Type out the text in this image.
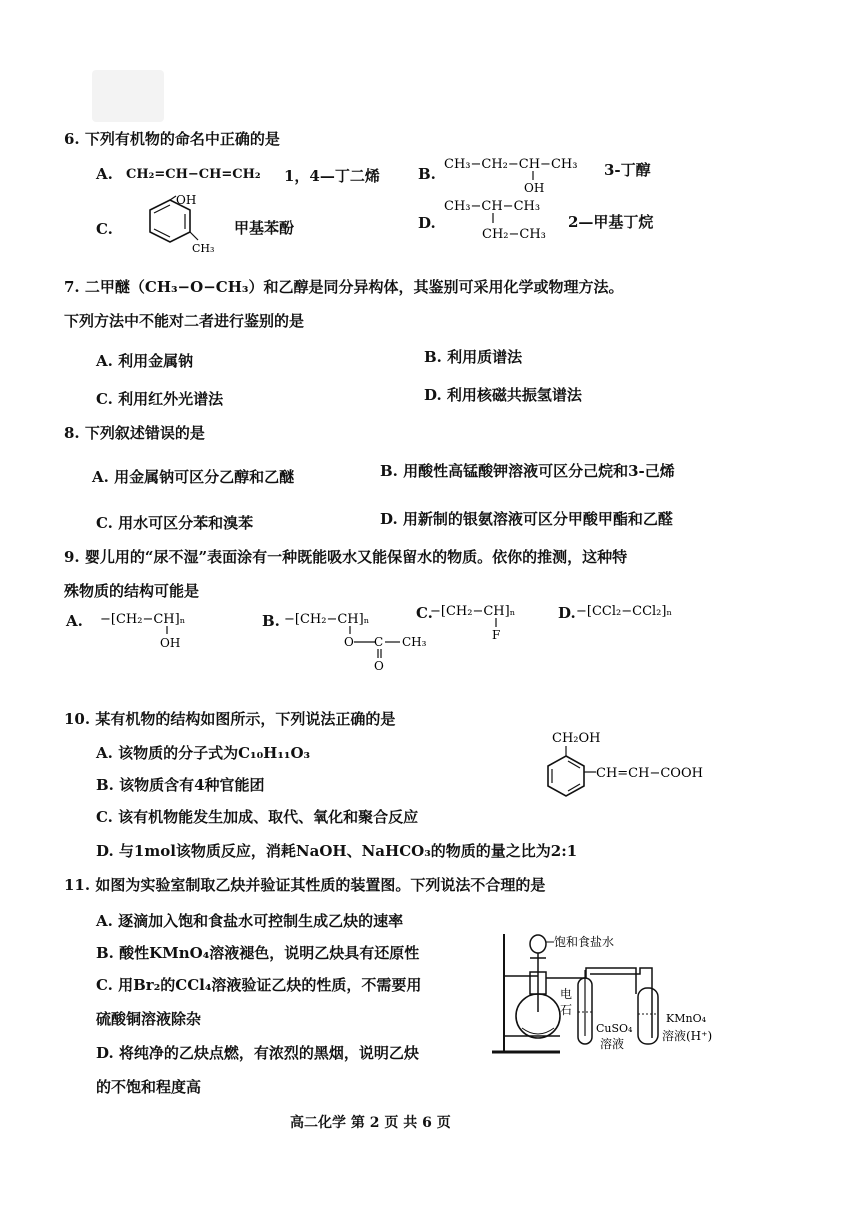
6. 下列有机物的命名中正确的是
A. CH₂=CH−CH=CH₂ 1，4—丁二烯	B.
CH₃−CH₂−CH−CH₃
OH
3-丁醇
C.
OH
CH₃
甲基苯酚	D.
CH₃−CH−CH₃
CH₂−CH₃
2—甲基丁烷
7. 二甲醚（CH₃−O−CH₃）和乙醇是同分异构体，其鉴别可采用化学或物理方法。
下列方法中不能对二者进行鉴别的是
A. 利用金属钠	B. 利用质谱法
C. 利用红外光谱法	D. 利用核磁共振氢谱法
8. 下列叙述错误的是
A. 用金属钠可区分乙醇和乙醚	B. 用酸性高锰酸钾溶液可区分己烷和3-己烯
C. 用水可区分苯和溴苯	D. 用新制的银氨溶液可区分甲酸甲酯和乙醛
9. 婴儿用的“尿不湿”表面涂有一种既能吸水又能保留水的物质。依你的推测，这种特
殊物质的结构可能是
A. −[CH₂−CH]ₙ
OH
B. −[CH₂−CH]ₙ
O C CH₃
O
C.
−[CH₂−CH]ₙ
F
D. −[CCl₂−CCl₂]ₙ
10. 某有机物的结构如图所示，下列说法正确的是
A. 该物质的分子式为C₁₀H₁₁O₃
B. 该物质含有4种官能团
C. 该有机物能发生加成、取代、氧化和聚合反应
D. 与1mol该物质反应，消耗NaOH、NaHCO₃的物质的量之比为2:1
CH₂OH
CH=CH−COOH
11. 如图为实验室制取乙炔并验证其性质的装置图。下列说法不合理的是
A. 逐滴加入饱和食盐水可控制生成乙炔的速率
B. 酸性KMnO₄溶液褪色，说明乙炔具有还原性
C. 用Br₂的CCl₄溶液验证乙炔的性质，不需要用
硫酸铜溶液除杂
D. 将纯净的乙炔点燃，有浓烈的黑烟，说明乙炔
的不饱和程度高
饱和食盐水
电
石
CuSO₄
溶液
KMnO₄
溶液(H⁺)
高二化学 第 2 页 共 6 页
